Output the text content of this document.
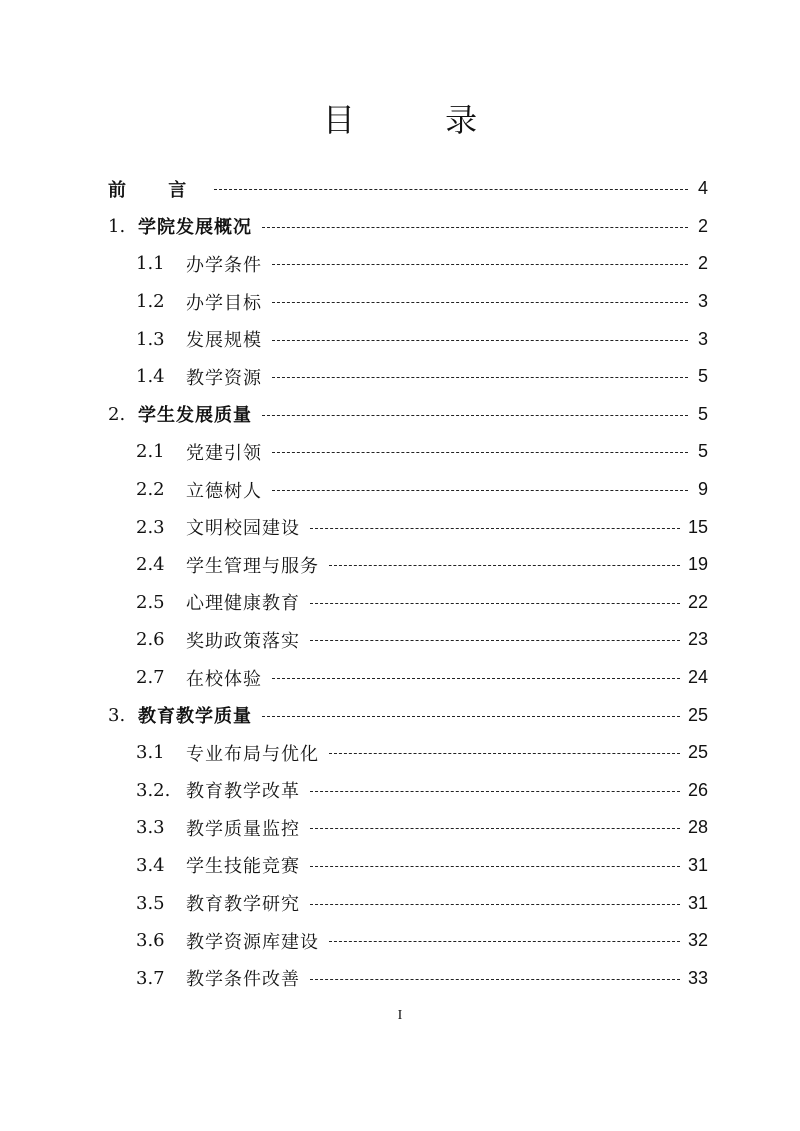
目 录
前 言	4
1. 学院发展概况	2
1.1	办学条件	2
1.2	办学目标	3
1.3	发展规模	3
1.4	教学资源	5
2. 学生发展质量	5
2.1	党建引领	5
2.2	立德树人	9
2.3	文明校园建设	15
2.4	学生管理与服务	19
2.5	心理健康教育	22
2.6	奖助政策落实	23
2.7	在校体验	24
3. 教育教学质量	25
3.1	专业布局与优化	25
3.2. 教育教学改革	26
3.3	教学质量监控	28
3.4	学生技能竞赛	31
3.5	教育教学研究	31
3.6	教学资源库建设	32
3.7	教学条件改善	33
I
